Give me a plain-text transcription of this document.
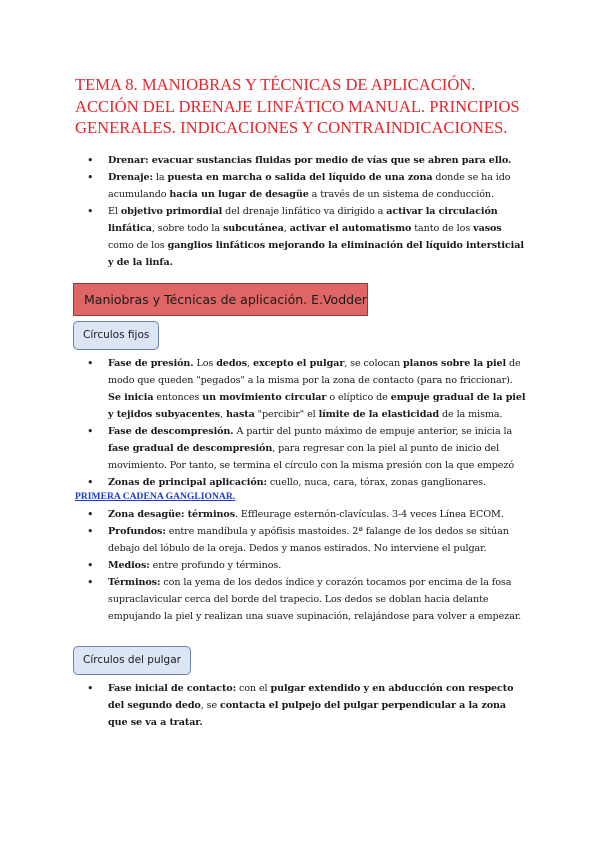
TEMA 8. MANIOBRAS Y TÉCNICAS DE APLICACIÓN.
ACCIÓN DEL DRENAJE LINFÁTICO MANUAL. PRINCIPIOS
GENERALES. INDICACIONES Y CONTRAINDICACIONES.
• Drenar: evacuar sustancias fluidas por medio de vías que se abren para ello.
• Drenaje: la puesta en marcha o salida del líquido de una zona donde se ha ido acumulando hacia un lugar de desagüe a través de un sistema de conducción.
• El objetivo primordial del drenaje linfático va dirigido a activar la circulación linfática, sobre todo la subcutánea, activar el automatismo tanto de los vasos como de los ganglios linfáticos mejorando la eliminación del líquido intersticial y de la linfa.
Maniobras y Técnicas de aplicación. E.Vodder
Círculos fijos
• Fase de presión. Los dedos, excepto el pulgar, se colocan planos sobre la piel de modo que queden "pegados" a la misma por la zona de contacto (para no friccionar). Se inicia entonces un movimiento circular o elíptico de empuje gradual de la piel y tejidos subyacentes, hasta "percibir" el límite de la elasticidad de la misma.
• Fase de descompresión. A partir del punto máximo de empuje anterior, se inicia la fase gradual de descompresión, para regresar con la piel al punto de inicio del movimiento. Por tanto, se termina el círculo con la misma presión con la que empezó
• Zonas de principal aplicación: cuello, nuca, cara, tórax, zonas ganglionares.
PRIMERA CADENA GANGLIONAR.
• Zona desagüe: términos. Effleurage esternón-clavículas. 3-4 veces Línea ECOM.
• Profundos: entre mandíbula y apófisis mastoides. 2ª falange de los dedos se sitúan debajo del lóbulo de la oreja. Dedos y manos estirados. No interviene el pulgar.
• Medios: entre profundo y términos.
• Términos: con la yema de los dedos índice y corazón tocamos por encima de la fosa supraclavicular cerca del borde del trapecio. Los dedos se doblan hacia delante empujando la piel y realizan una suave supinación, relajándose para volver a empezar.
Círculos del pulgar
• Fase inicial de contacto: con el pulgar extendido y en abducción con respecto del segundo dedo, se contacta el pulpejo del pulgar perpendicular a la zona que se va a tratar.
